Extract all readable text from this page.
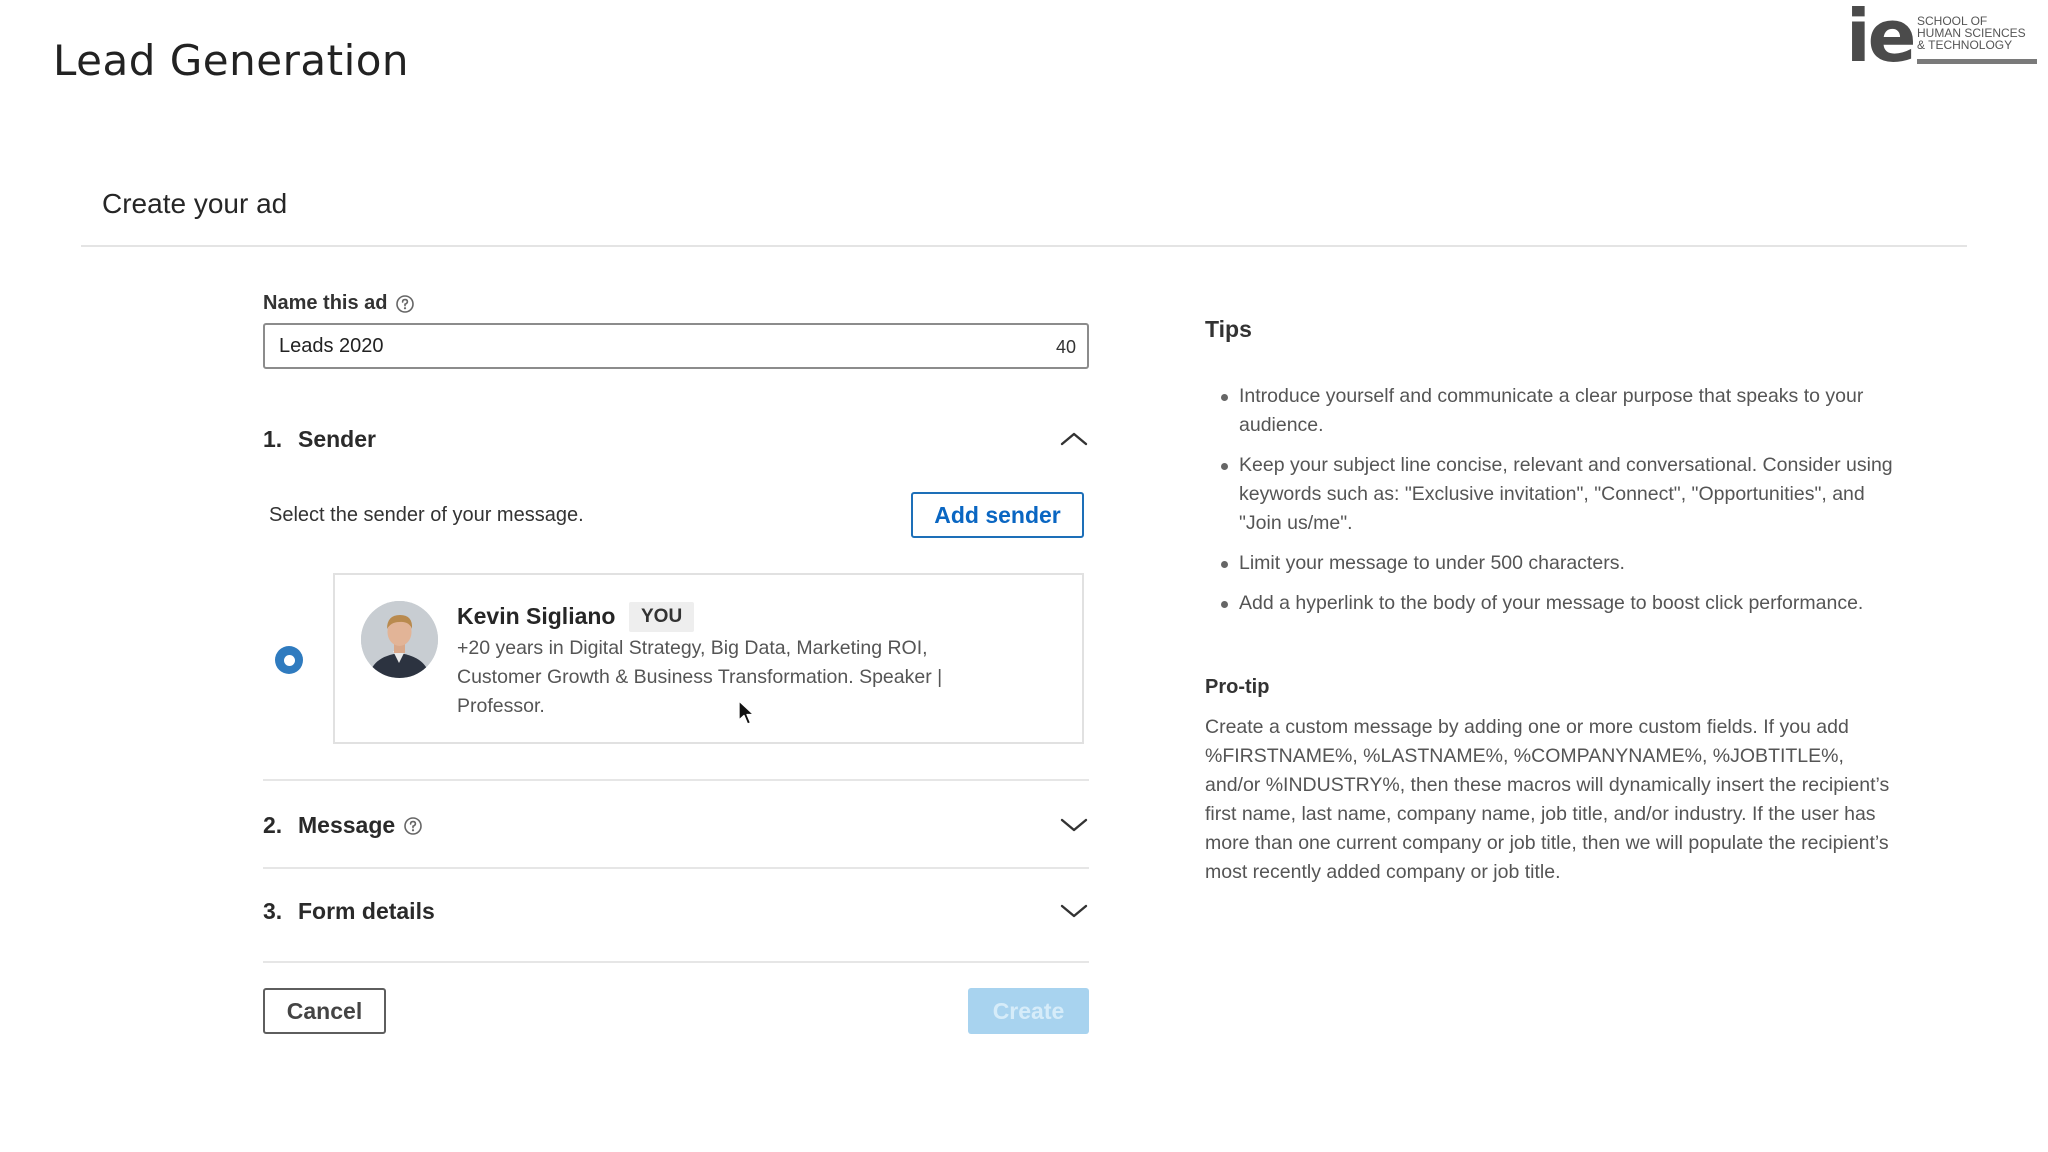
Lead Generation	ie SCHOOL OF
HUMAN SCIENCES
& TECHNOLOGY
Create your ad
Name this ad
Leads 2020
40
1. Sender
Select the sender of your message.	Add sender
Kevin Sigliano	YOU
+20 years in Digital Strategy, Big Data, Marketing ROI, Customer Growth & Business Transformation. Speaker | Professor.
2. Message
3. Form details
Cancel	Create
Tips
Introduce yourself and communicate a clear purpose that speaks to your audience.
Keep your subject line concise, relevant and conversational. Consider using keywords such as: "Exclusive invitation", "Connect", "Opportunities", and "Join us/me".
Limit your message to under 500 characters.
Add a hyperlink to the body of your message to boost click performance.
Pro-tip
Create a custom message by adding one or more custom fields. If you add %FIRSTNAME%, %LASTNAME%, %COMPANYNAME%, %JOBTITLE%, and/or %INDUSTRY%, then these macros will dynamically insert the recipient’s first name, last name, company name, job title, and/or industry. If the user has more than one current company or job title, then we will populate the recipient’s most recently added company or job title.
